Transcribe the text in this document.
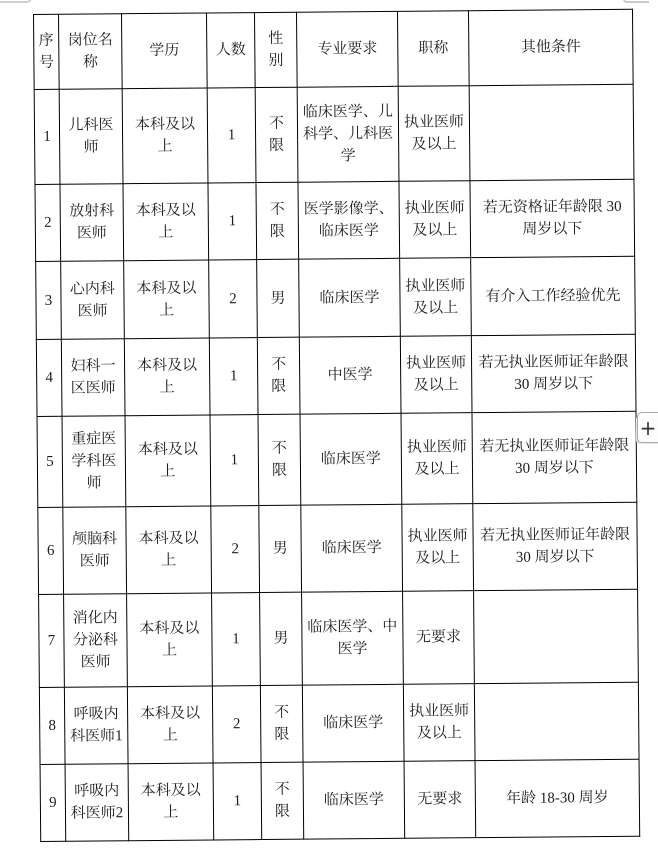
序号	岗位名称	学历	人数	性别	专业要求	职称	其他条件
1	儿科医师	本科及以上	1	不限	临床医学、儿科学、儿科医学	执业医师及以上	
2	放射科医师	本科及以上	1	不限	医学影像学、临床医学	执业医师及以上	若无资格证年龄限 30 周岁以下
3	心内科医师	本科及以上	2	男	临床医学	执业医师及以上	有介入工作经验优先
4	妇科一区医师	本科及以上	1	不限	中医学	执业医师及以上	若无执业医师证年龄限 30 周岁以下
5	重症医学科医师	本科及以上	1	不限	临床医学	执业医师及以上	若无执业医师证年龄限 30 周岁以下
6	颅脑科医师	本科及以上	2	男	临床医学	执业医师及以上	若无执业医师证年龄限 30 周岁以下
7	消化内分泌科医师	本科及以上	1	男	临床医学、中医学	无要求	
8	呼吸内科医师1	本科及以上	2	不限	临床医学	执业医师及以上	
9	呼吸内科医师2	本科及以上	1	不限	临床医学	无要求	年龄 18-30 周岁
+
